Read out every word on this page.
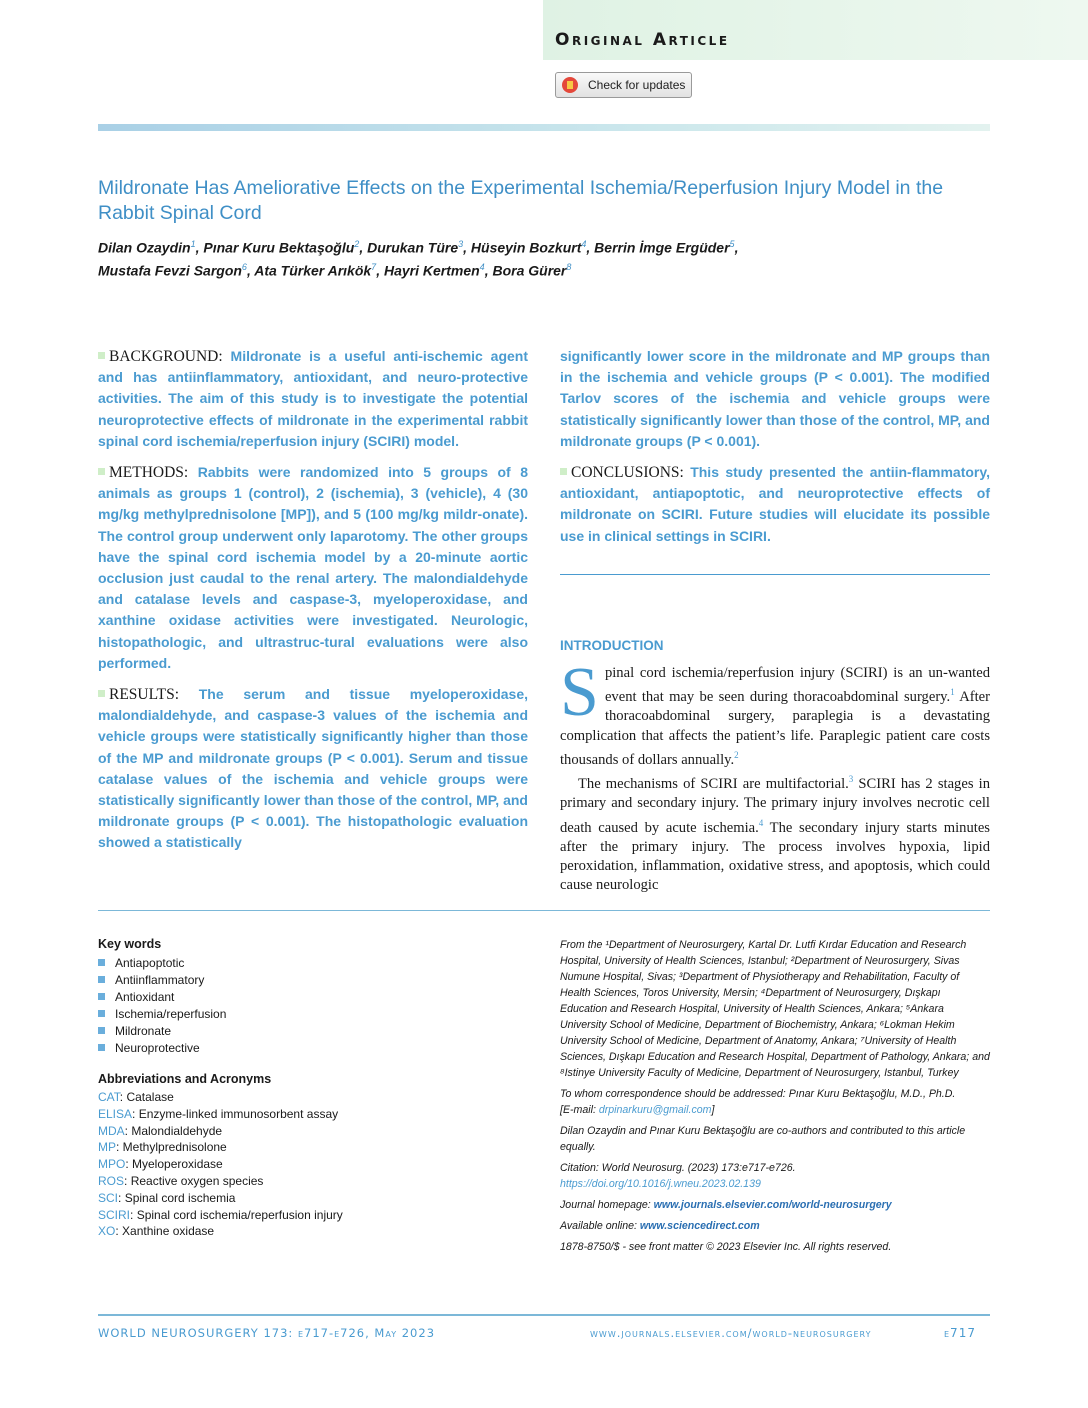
Original Article
Check for updates
Mildronate Has Ameliorative Effects on the Experimental Ischemia/Reperfusion Injury Model in the Rabbit Spinal Cord
Dilan Ozaydin$^1$, Pınar Kuru Bektaşoğlu$^2$, Durukan Türe$^3$, Hüseyin Bozkurt$^4$, Berrin İmge Ergüder$^5$,
Mustafa Fevzi Sargon$^6$, Ata Türker Arıkök$^7$, Hayri Kertmen$^4$, Bora Gürer$^8$

BACKGROUND: Mildronate is a useful anti-ischemic agent and has antiinflammatory, antioxidant, and neuro-protective activities. The aim of this study is to investigate the potential neuroprotective effects of mildronate in the experimental rabbit spinal cord ischemia/reperfusion injury (SCIRI) model.

METHODS: Rabbits were randomized into 5 groups of 8 animals as groups 1 (control), 2 (ischemia), 3 (vehicle), 4 (30 mg/kg methylprednisolone [MP]), and 5 (100 mg/kg mildr-onate). The control group underwent only laparotomy. The other groups have the spinal cord ischemia model by a 20-minute aortic occlusion just caudal to the renal artery. The malondialdehyde and catalase levels and caspase-3, myeloperoxidase, and xanthine oxidase activities were investigated. Neurologic, histopathologic, and ultrastruc-tural evaluations were also performed.

RESULTS: The serum and tissue myeloperoxidase, malondialdehyde, and caspase-3 values of the ischemia and vehicle groups were statistically significantly higher than those of the MP and mildronate groups (P < 0.001). Serum and tissue catalase values of the ischemia and vehicle groups were statistically significantly lower than those of the control, MP, and mildronate groups (P < 0.001). The histopathologic evaluation showed a statistically

significantly lower score in the mildronate and MP groups than in the ischemia and vehicle groups (P < 0.001). The modified Tarlov scores of the ischemia and vehicle groups were statistically significantly lower than those of the control, MP, and mildronate groups (P < 0.001).

CONCLUSIONS: This study presented the antiin-flammatory, antioxidant, antiapoptotic, and neuroprotective effects of mildronate on SCIRI. Future studies will elucidate its possible use in clinical settings in SCIRI.

INTRODUCTION

Spinal cord ischemia/reperfusion injury (SCIRI) is an un-wanted event that may be seen during thoracoabdominal surgery.$^1$ After thoracoabdominal surgery, paraplegia is a devastating complication that affects the patient’s life. Paraplegic patient care costs thousands of dollars annually.$^2$

The mechanisms of SCIRI are multifactorial.$^3$ SCIRI has 2 stages in primary and secondary injury. The primary injury involves necrotic cell death caused by acute ischemia.$^4$ The secondary injury starts minutes after the primary injury. The process involves hypoxia, lipid peroxidation, inflammation, oxidative stress, and apoptosis, which could cause neurologic

Key words
Antiapoptotic
Antiinflammatory
Antioxidant
Ischemia/reperfusion
Mildronate
Neuroprotective
Abbreviations and Acronyms
CAT: Catalase
ELISA: Enzyme-linked immunosorbent assay
MDA: Malondialdehyde
MP: Methylprednisolone
MPO: Myeloperoxidase
ROS: Reactive oxygen species
SCI: Spinal cord ischemia
SCIRI: Spinal cord ischemia/reperfusion injury
XO: Xanthine oxidase

From the ¹Department of Neurosurgery, Kartal Dr. Lutfi Kırdar Education and Research Hospital, University of Health Sciences, Istanbul; ²Department of Neurosurgery, Sivas Numune Hospital, Sivas; ³Department of Physiotherapy and Rehabilitation, Faculty of Health Sciences, Toros University, Mersin; ⁴Department of Neurosurgery, Dışkapı Education and Research Hospital, University of Health Sciences, Ankara; ⁵Ankara University School of Medicine, Department of Biochemistry, Ankara; ⁶Lokman Hekim University School of Medicine, Department of Anatomy, Ankara; ⁷University of Health Sciences, Dışkapı Education and Research Hospital, Department of Pathology, Ankara; and ⁸Istinye University Faculty of Medicine, Department of Neurosurgery, Istanbul, Turkey

To whom correspondence should be addressed: Pınar Kuru Bektaşoğlu, M.D., Ph.D.
[E-mail: drpinarkuru@gmail.com]

Dilan Ozaydin and Pınar Kuru Bektaşoğlu are co-authors and contributed to this article equally.

Citation: World Neurosurg. (2023) 173:e717-e726.
https://doi.org/10.1016/j.wneu.2023.02.139

Journal homepage: www.journals.elsevier.com/world-neurosurgery

Available online: www.sciencedirect.com

1878-8750/$ - see front matter © 2023 Elsevier Inc. All rights reserved.

WORLD NEUROSURGERY 173: e717-e726, May 2023	www.journals.elsevier.com/world-neurosurgery	e717
